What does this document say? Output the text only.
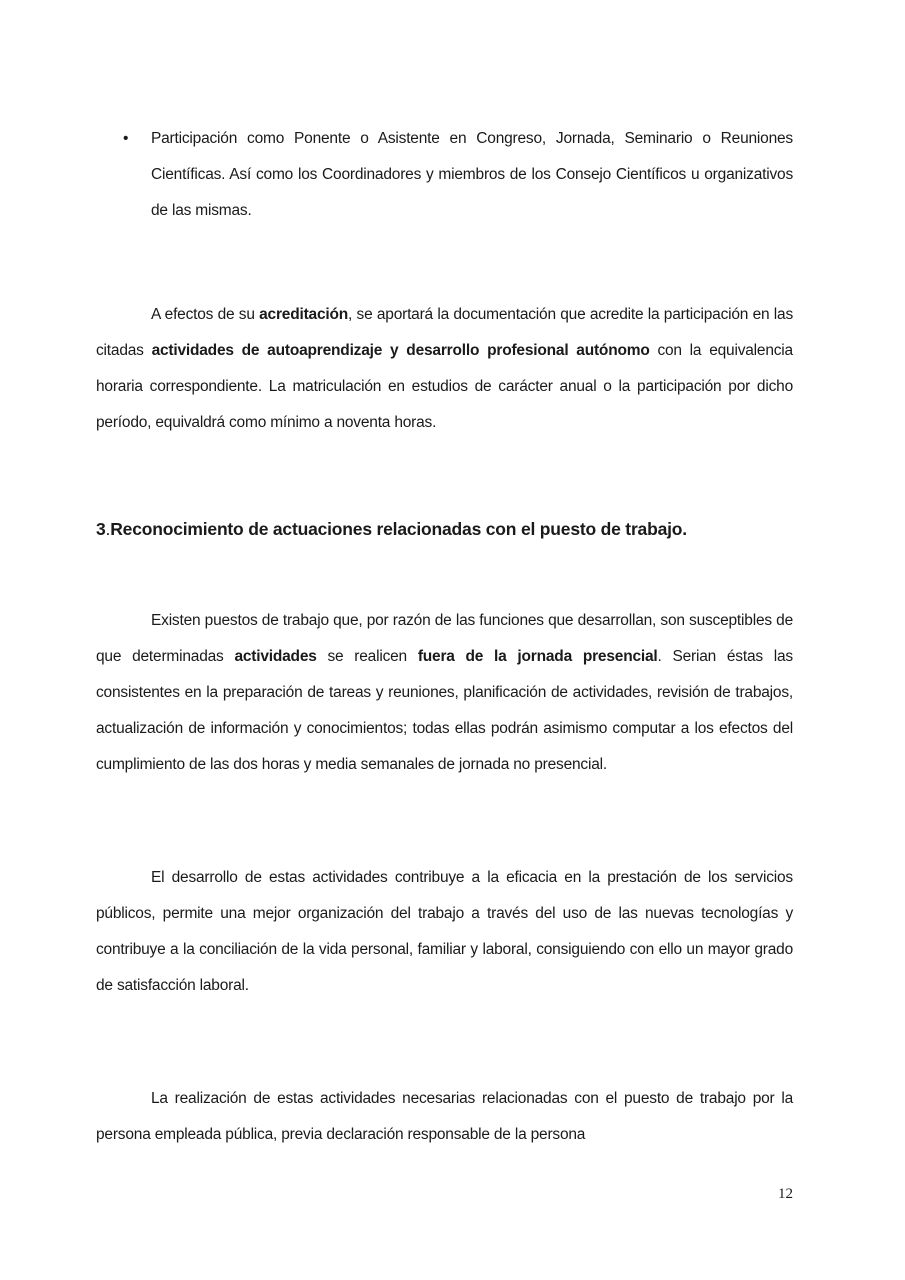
• Participación como Ponente o Asistente en Congreso, Jornada, Seminario o Reuniones Científicas. Así como los Coordinadores y miembros de los Consejo Científicos u organizativos de las mismas.

A efectos de su acreditación, se aportará la documentación que acredite la participación en las citadas actividades de autoaprendizaje y desarrollo profesional autónomo con la equivalencia horaria correspondiente. La matriculación en estudios de carácter anual o la participación por dicho período, equivaldrá como mínimo a noventa horas.

3.Reconocimiento de actuaciones relacionadas con el puesto de trabajo.

Existen puestos de trabajo que, por razón de las funciones que desarrollan, son susceptibles de que determinadas actividades se realicen fuera de la jornada presencial. Serian éstas las consistentes en la preparación de tareas y reuniones, planificación de actividades, revisión de trabajos, actualización de información y conocimientos; todas ellas podrán asimismo computar a los efectos del cumplimiento de las dos horas y media semanales de jornada no presencial.

El desarrollo de estas actividades contribuye a la eficacia en la prestación de los servicios públicos, permite una mejor organización del trabajo a través del uso de las nuevas tecnologías y contribuye a la conciliación de la vida personal, familiar y laboral, consiguiendo con ello un mayor grado de satisfacción laboral.

La realización de estas actividades necesarias relacionadas con el puesto de trabajo por la persona empleada pública, previa declaración responsable de la persona

12
